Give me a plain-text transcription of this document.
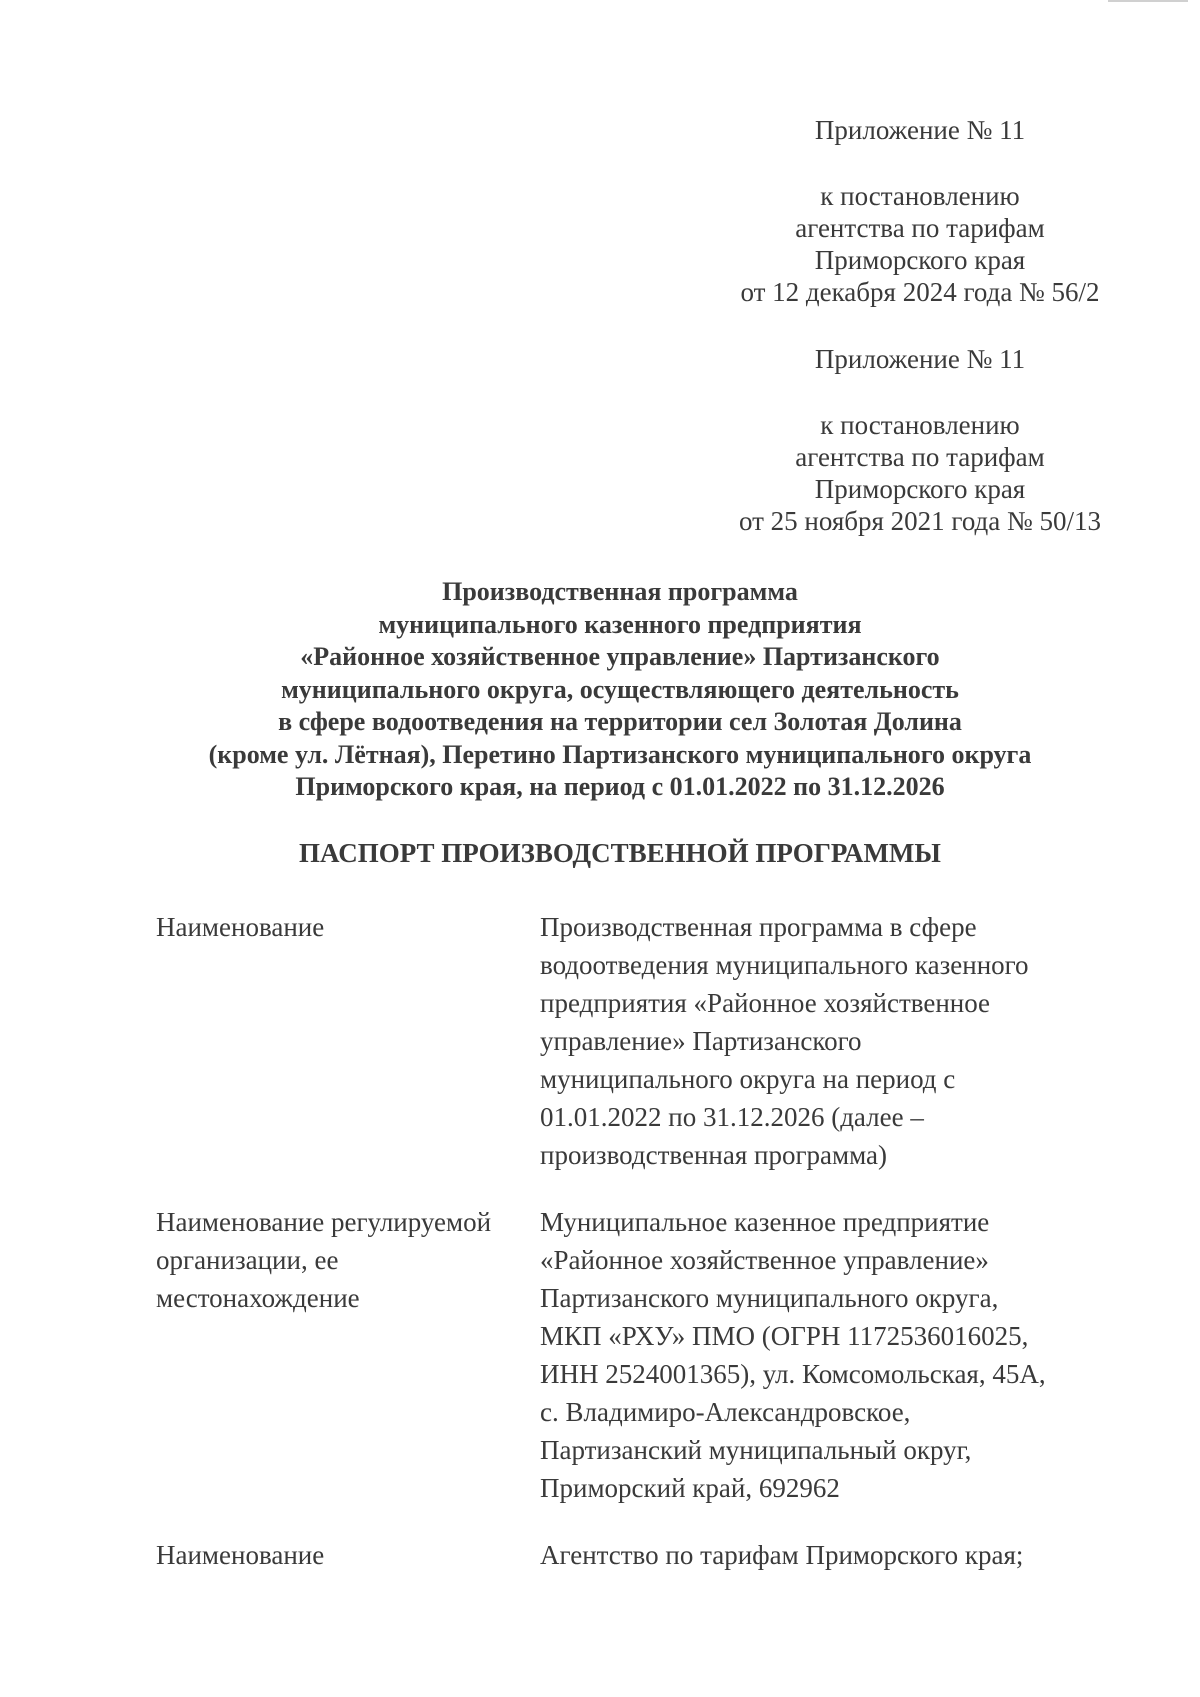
Приложение № 11
к постановлению
агентства по тарифам
Приморского края
от 12 декабря 2024 года № 56/2
Приложение № 11
к постановлению
агентства по тарифам
Приморского края
от 25 ноября 2021 года № 50/13
Производственная программа
муниципального казенного предприятия
«Районное хозяйственное управление» Партизанского
муниципального округа, осуществляющего деятельность
в сфере водоотведения на территории сел Золотая Долина
(кроме ул. Лётная), Перетино Партизанского муниципального округа
Приморского края, на период с 01.01.2022 по 31.12.2026
ПАСПОРТ ПРОИЗВОДСТВЕННОЙ ПРОГРАММЫ
Наименование	Производственная программа в сфере
водоотведения муниципального казенного
предприятия «Районное хозяйственное
управление» Партизанского
муниципального округа на период с
01.01.2022 по 31.12.2026 (далее –
производственная программа)
Наименование регулируемой
организации, ее
местонахождение
Муниципальное казенное предприятие
«Районное хозяйственное управление»
Партизанского муниципального округа,
МКП «РХУ» ПМО (ОГРН 1172536016025,
ИНН 2524001365), ул. Комсомольская, 45А,
с. Владимиро-Александровское,
Партизанский муниципальный округ,
Приморский край, 692962
Наименование	Агентство по тарифам Приморского края;
